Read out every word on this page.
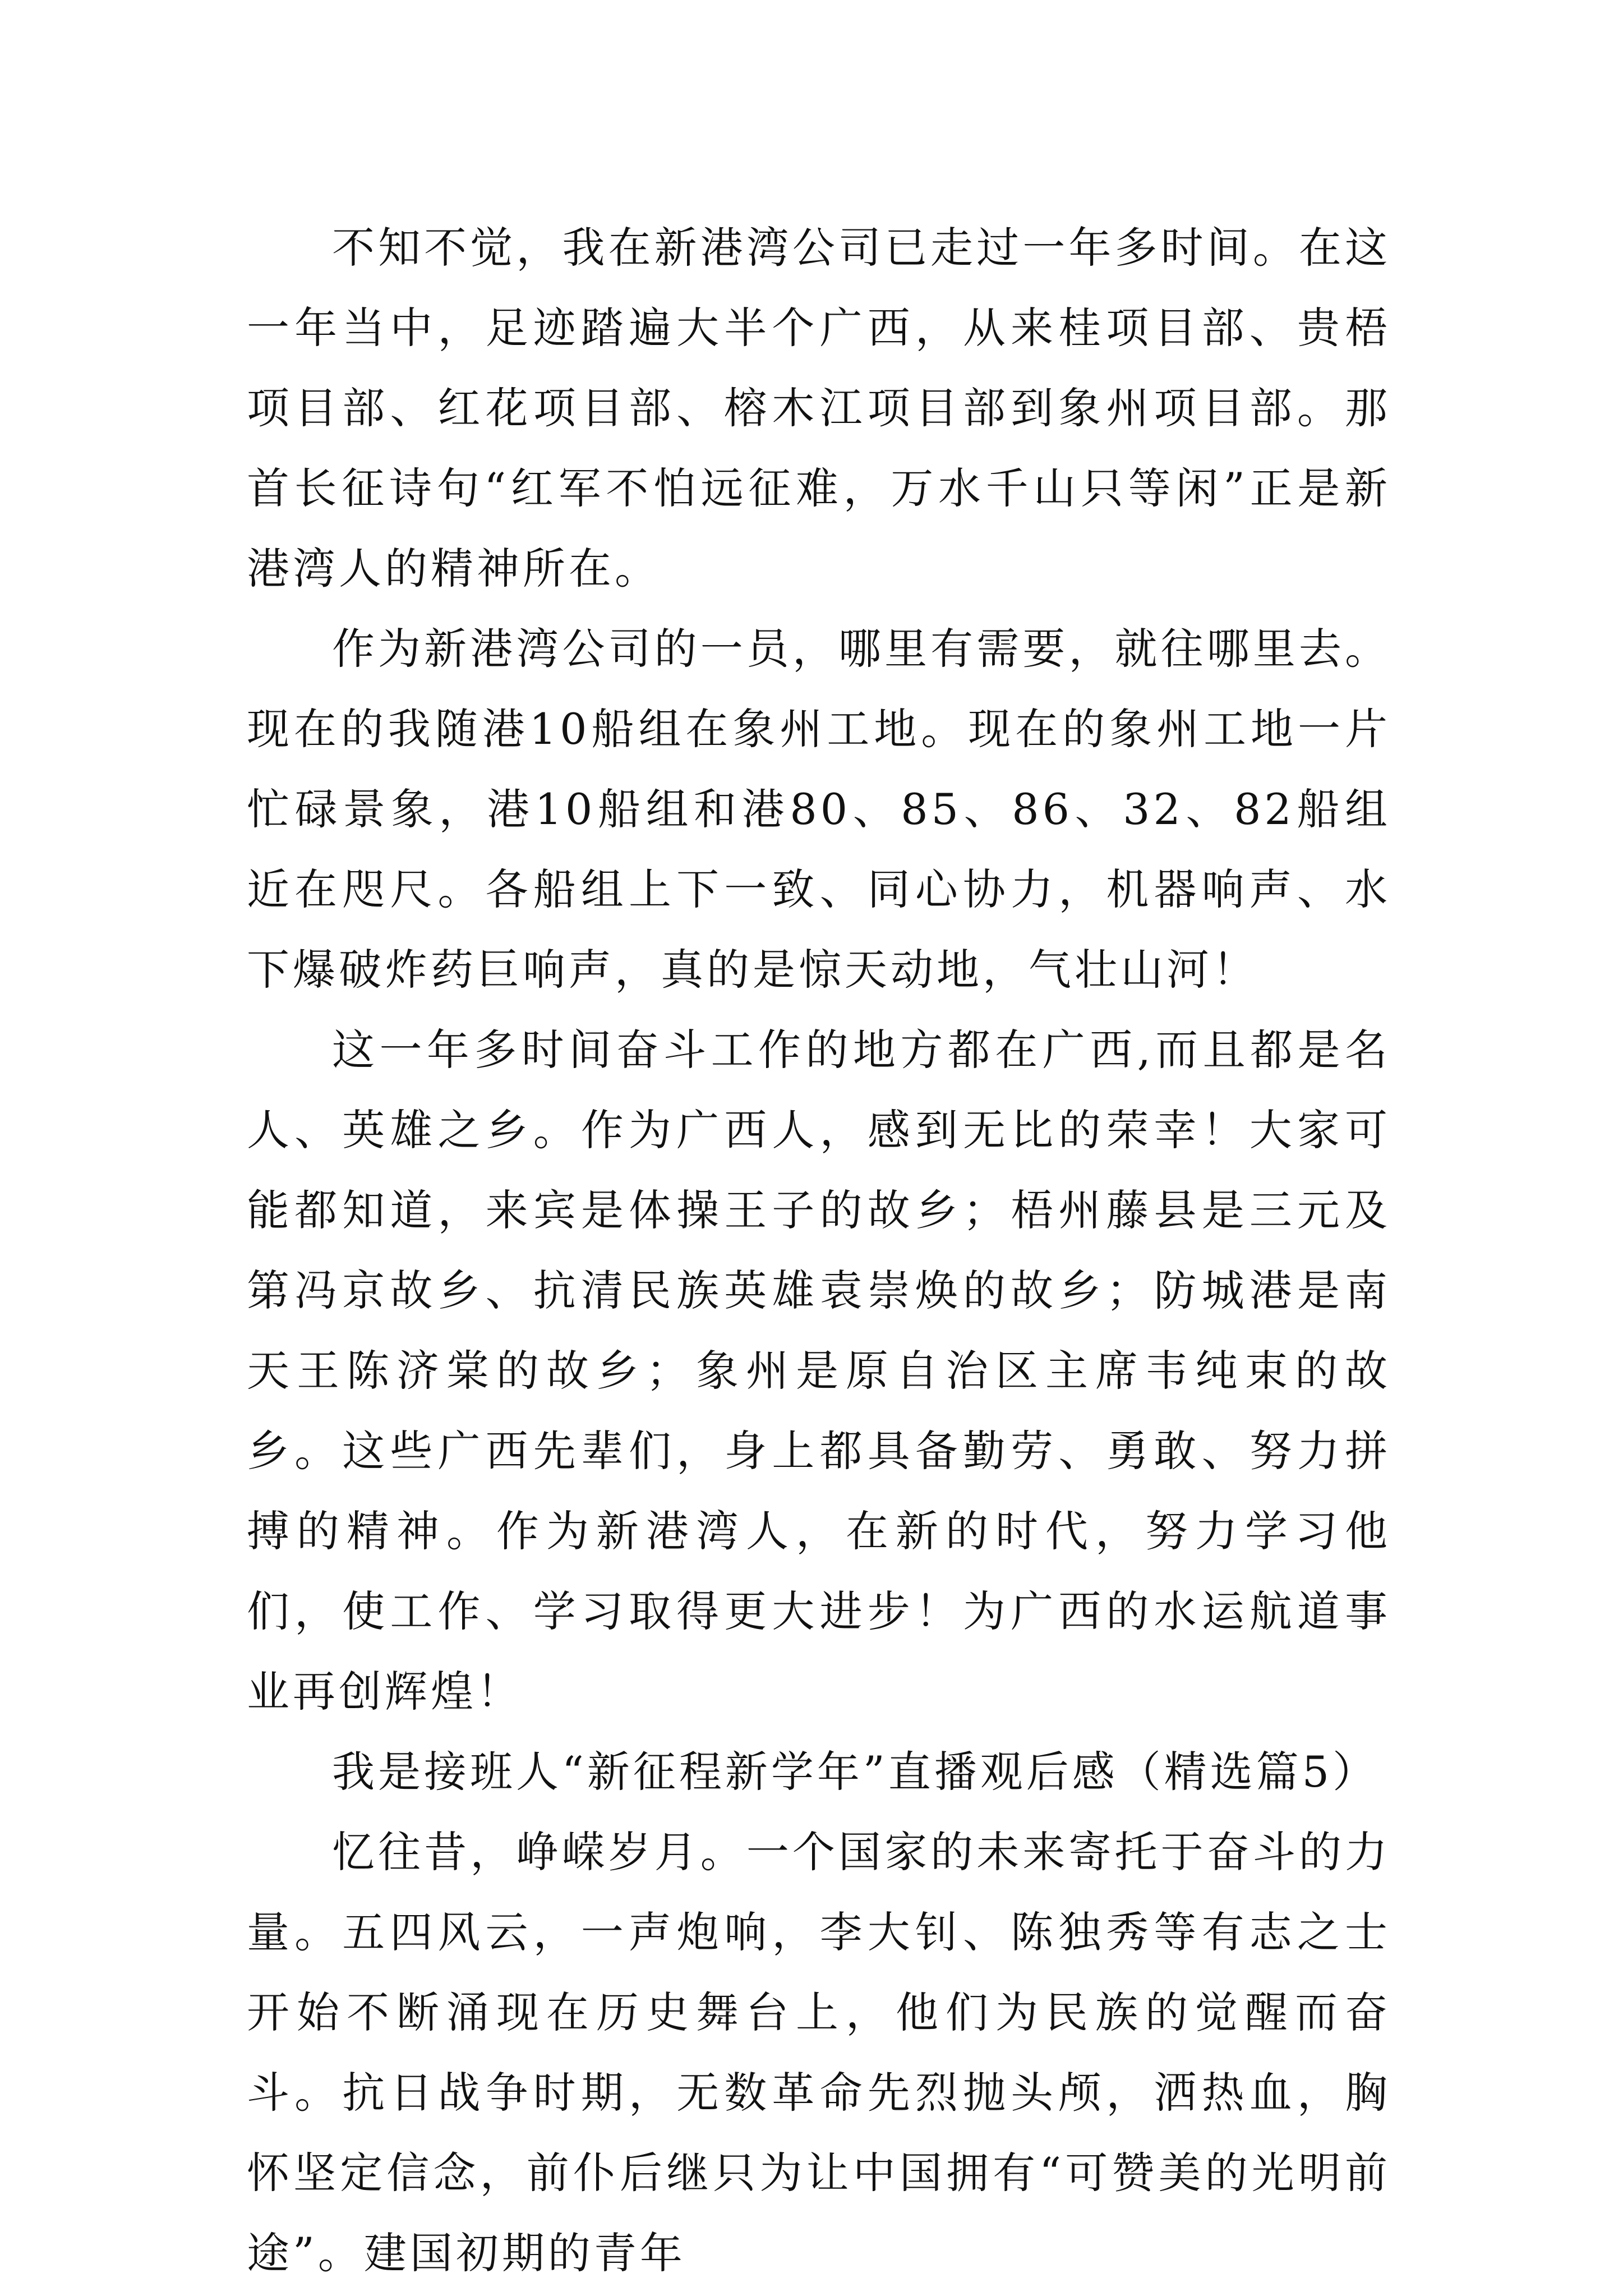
不知不觉，我在新港湾公司已走过一年多时间。在这一年当中，足迹踏遍大半个广西，从来桂项目部、贵梧项目部、红花项目部、榕木江项目部到象州项目部。那首长征诗句“红军不怕远征难，万水千山只等闲”正是新港湾人的精神所在。

作为新港湾公司的一员，哪里有需要，就往哪里去。现在的我随港10船组在象州工地。现在的象州工地一片忙碌景象，港10船组和港80、85、86、32、82船组近在咫尺。各船组上下一致、同心协力，机器响声、水下爆破炸药巨响声，真的是惊天动地，气壮山河！

这一年多时间奋斗工作的地方都在广西,而且都是名人、英雄之乡。作为广西人，感到无比的荣幸！大家可能都知道，来宾是体操王子的故乡；梧州藤县是三元及第冯京故乡、抗清民族英雄袁崇焕的故乡；防城港是南天王陈济棠的故乡；象州是原自治区主席韦纯束的故乡。这些广西先辈们，身上都具备勤劳、勇敢、努力拼搏的精神。作为新港湾人，在新的时代，努力学习他们，使工作、学习取得更大进步！为广西的水运航道事业再创辉煌！

我是接班人“新征程新学年”直播观后感（精选篇5）

忆往昔，峥嵘岁月。一个国家的未来寄托于奋斗的力量。五四风云，一声炮响，李大钊、陈独秀等有志之士开始不断涌现在历史舞台上，他们为民族的觉醒而奋斗。抗日战争时期，无数革命先烈抛头颅，洒热血，胸怀坚定信念，前仆后继只为让中国拥有“可赞美的光明前途”。建国初期的青年
